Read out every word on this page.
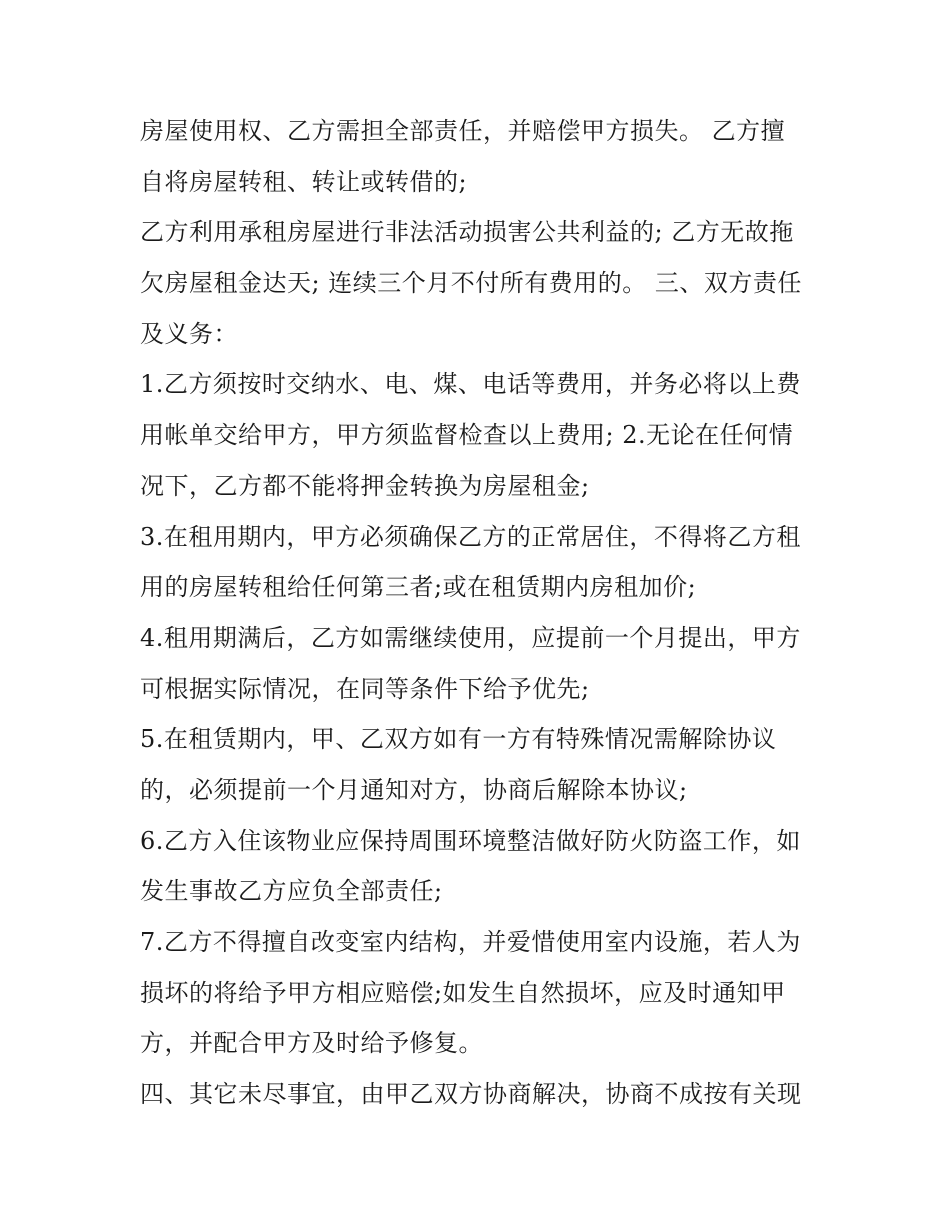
房屋使用权、乙方需担全部责任，并赔偿甲方损失。 乙方擅
自将房屋转租、转让或转借的;
乙方利用承租房屋进行非法活动损害公共利益的; 乙方无故拖
欠房屋租金达天; 连续三个月不付所有费用的。 三、双方责任
及义务：
1.乙方须按时交纳水、电、煤、电话等费用，并务必将以上费
用帐单交给甲方，甲方须监督检查以上费用; 2.无论在任何情
况下，乙方都不能将押金转换为房屋租金;
3.在租用期内，甲方必须确保乙方的正常居住，不得将乙方租
用的房屋转租给任何第三者;或在租赁期内房租加价;
4.租用期满后，乙方如需继续使用，应提前一个月提出，甲方
可根据实际情况，在同等条件下给予优先;
5.在租赁期内，甲、乙双方如有一方有特殊情况需解除协议
的，必须提前一个月通知对方，协商后解除本协议;
6.乙方入住该物业应保持周围环境整洁做好防火防盗工作，如
发生事故乙方应负全部责任;
7.乙方不得擅自改变室内结构，并爱惜使用室内设施，若人为
损坏的将给予甲方相应赔偿;如发生自然损坏，应及时通知甲
方，并配合甲方及时给予修复。
四、其它未尽事宜，由甲乙双方协商解决，协商不成按有关现
